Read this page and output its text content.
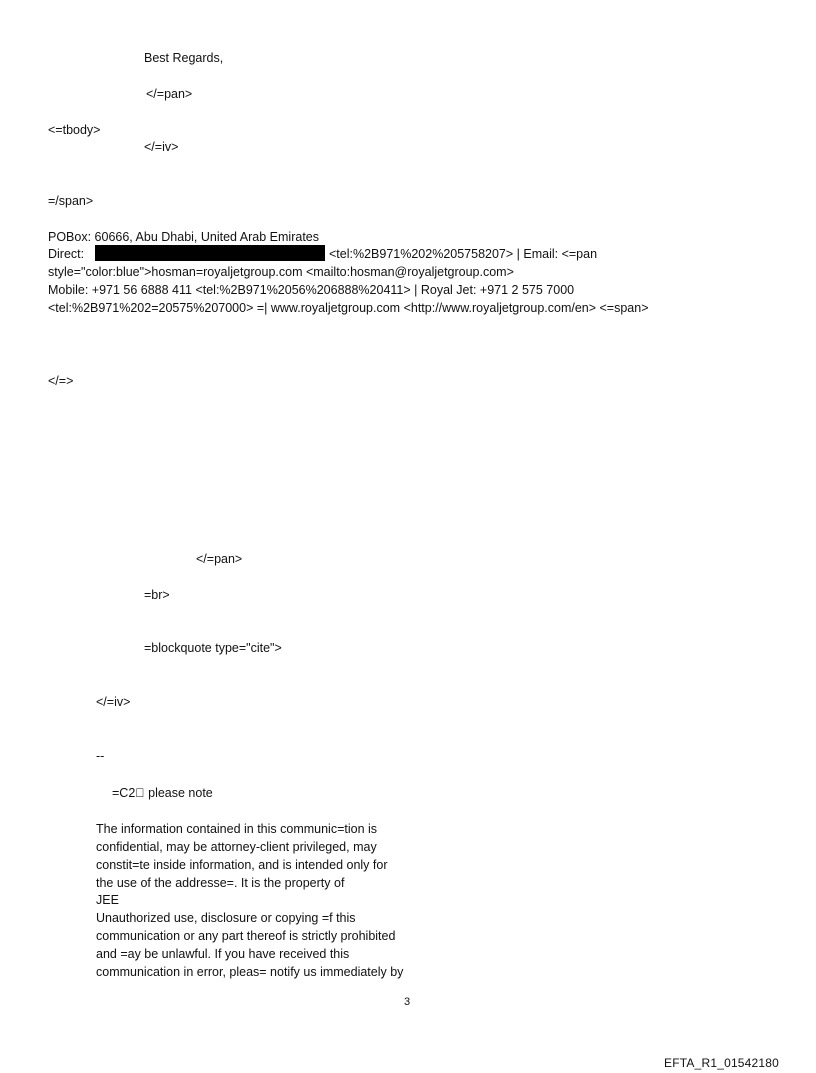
Best Regards,
</=pan>
<=tbody>
</=iv>
=/span>
POBox: 60666, Abu Dhabi, United Arab Emirates
Direct:	<tel:%2B971%202%205758207> | Email: <=pan
style="color:blue">hosman=royaljetgroup.com <mailto:hosman@royaljetgroup.com>
Mobile: +971 56 6888 411 <tel:%2B971%2056%206888%20411> | Royal Jet: +971 2 575 7000
<tel:%2B971%202=20575%207000> =| www.royaljetgroup.com <http://www.royaljetgroup.com/en> <=span>
</=>
</=pan>
=br>
=blockquote type="cite">
</=iv>
--
=C2  please note
The information contained in this communic=tion is
confidential, may be attorney-client privileged, may
constit=te inside information, and is intended only for
the use of the addresse=. It is the property of
JEE
Unauthorized use, disclosure or copying =f this
communication or any part thereof is strictly prohibited
and =ay be unlawful. If you have received this
communication in error, pleas= notify us immediately by
3
EFTA_R1_01542180
